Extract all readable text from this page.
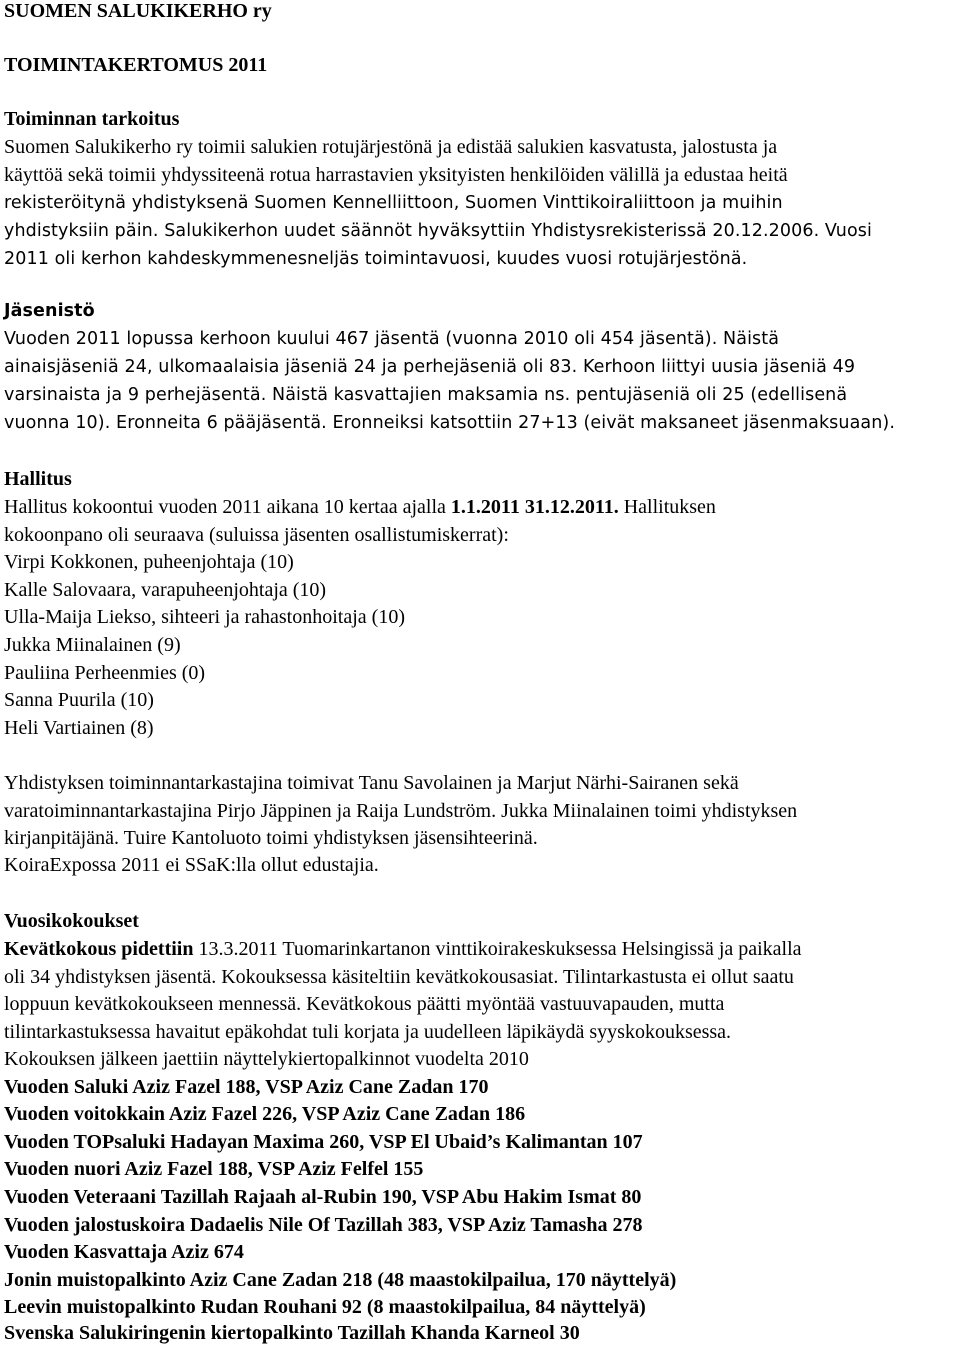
SUOMEN SALUKIKERHO ry
TOIMINTAKERTOMUS 2011
Toiminnan tarkoitus
Suomen Salukikerho ry toimii salukien rotujärjestönä ja edistää salukien kasvatusta, jalostusta ja
käyttöä sekä toimii yhdyssiteenä rotua harrastavien yksityisten henkilöiden välillä ja edustaa heitä
rekisteröitynä yhdistyksenä Suomen Kennelliittoon, Suomen Vinttikoiraliittoon ja muihin
yhdistyksiin päin. Salukikerhon uudet säännöt hyväksyttiin Yhdistysrekisterissä 20.12.2006. Vuosi
2011 oli kerhon kahdeskymmenesneljäs toimintavuosi, kuudes vuosi rotujärjestönä.
Jäsenistö
Vuoden 2011 lopussa kerhoon kuului 467 jäsentä (vuonna 2010 oli 454 jäsentä). Näistä
ainaisjäseniä 24, ulkomaalaisia jäseniä 24 ja perhejäseniä oli 83. Kerhoon liittyi uusia jäseniä 49
varsinaista ja 9 perhejäsentä. Näistä kasvattajien maksamia ns. pentujäseniä oli 25 (edellisenä
vuonna 10). Eronneita 6 pääjäsentä. Eronneiksi katsottiin 27+13 (eivät maksaneet jäsenmaksuaan).
Hallitus
Hallitus kokoontui vuoden 2011 aikana 10 kertaa ajalla 1.1.2011 31.12.2011. Hallituksen
kokoonpano oli seuraava (suluissa jäsenten osallistumiskerrat):
Virpi Kokkonen, puheenjohtaja (10)
Kalle Salovaara, varapuheenjohtaja (10)
Ulla-Maija Liekso, sihteeri ja rahastonhoitaja (10)
Jukka Miinalainen (9)
Pauliina Perheenmies (0)
Sanna Puurila (10)
Heli Vartiainen (8)
Yhdistyksen toiminnantarkastajina toimivat Tanu Savolainen ja Marjut Närhi-Sairanen sekä
varatoiminnantarkastajina Pirjo Jäppinen ja Raija Lundström. Jukka Miinalainen toimi yhdistyksen
kirjanpitäjänä. Tuire Kantoluoto toimi yhdistyksen jäsensihteerinä.
KoiraExpossa 2011 ei SSaK:lla ollut edustajia.
Vuosikokoukset
Kevätkokous pidettiin 13.3.2011 Tuomarinkartanon vinttikoirakeskuksessa Helsingissä ja paikalla
oli 34 yhdistyksen jäsentä. Kokouksessa käsiteltiin kevätkokousasiat. Tilintarkastusta ei ollut saatu
loppuun kevätkokoukseen mennessä. Kevätkokous päätti myöntää vastuuvapauden, mutta
tilintarkastuksessa havaitut epäkohdat tuli korjata ja uudelleen läpikäydä syyskokouksessa.
Kokouksen jälkeen jaettiin näyttelykiertopalkinnot vuodelta 2010
Vuoden Saluki Aziz Fazel 188, VSP Aziz Cane Zadan 170
Vuoden voitokkain Aziz Fazel 226, VSP Aziz Cane Zadan 186
Vuoden TOPsaluki Hadayan Maxima 260, VSP El Ubaid’s Kalimantan 107
Vuoden nuori Aziz Fazel 188, VSP Aziz Felfel 155
Vuoden Veteraani Tazillah Rajaah al-Rubin 190, VSP Abu Hakim Ismat 80
Vuoden jalostuskoira Dadaelis Nile Of Tazillah 383, VSP Aziz Tamasha 278
Vuoden Kasvattaja Aziz 674
Jonin muistopalkinto Aziz Cane Zadan 218 (48 maastokilpailua, 170 näyttelyä)
Leevin muistopalkinto Rudan Rouhani 92 (8 maastokilpailua, 84 näyttelyä)
Svenska Salukiringenin kiertopalkinto Tazillah Khanda Karneol 30
